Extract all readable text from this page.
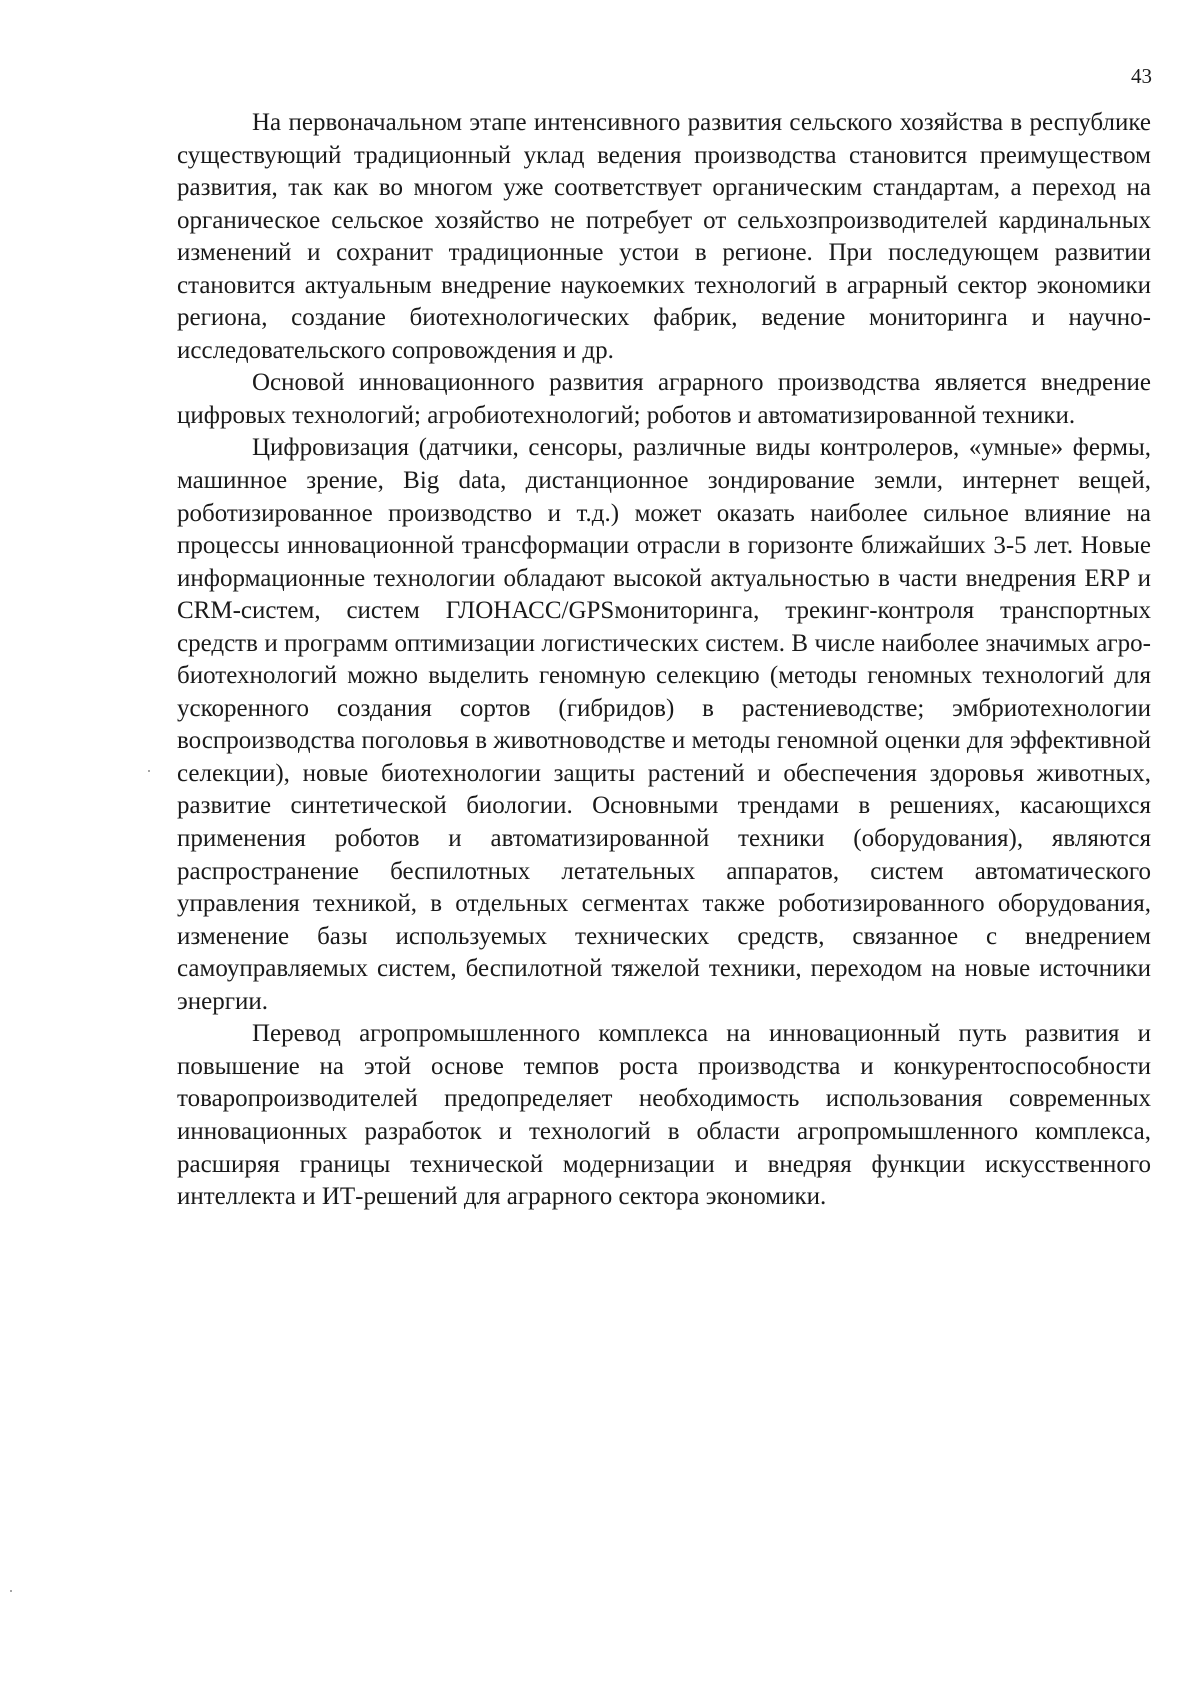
43

На первоначальном этапе интенсивного развития сельского хозяйства в республике существующий традиционный уклад ведения производства становится преимуществом развития, так как во многом уже соответствует органическим стандартам, а переход на органическое сельское хозяйство не потребует от сельхозпроизводителей кардинальных изменений и сохранит традиционные устои в регионе. При последующем развитии становится актуальным внедрение наукоемких технологий в аграрный сектор экономики региона, создание биотехнологических фабрик, ведение мониторинга и научно-исследовательского сопровождения и др.

Основой инновационного развития аграрного производства является внедрение цифровых технологий; агробиотехнологий; роботов и автоматизированной техники.

Цифровизация (датчики, сенсоры, различные виды контролеров, «умные» фермы, машинное зрение, Big data, дистанционное зондирование земли, интернет вещей, роботизированное производство и т.д.) может оказать наиболее сильное влияние на процессы инновационной трансформации отрасли в горизонте ближайших 3-5 лет. Новые информационные технологии обладают высокой актуальностью в части внедрения ERP и CRM-систем, систем ГЛОНАСС/GPSмониторинга, трекинг-контроля транспортных средств и программ оптимизации логистических систем. В числе наиболее значимых агробиотехнологий можно выделить геномную селекцию (методы геномных технологий для ускоренного создания сортов (гибридов) в растениеводстве; эмбриотехнологии воспроизводства поголовья в животноводстве и методы геномной оценки для эффективной селекции), новые биотехнологии защиты растений и обеспечения здоровья животных, развитие синтетической биологии. Основными трендами в решениях, касающихся применения роботов и автоматизированной техники (оборудования), являются распространение беспилотных летательных аппаратов, систем автоматического управления техникой, в отдельных сегментах также роботизированного оборудования, изменение базы используемых технических средств, связанное с внедрением самоуправляемых систем, беспилотной тяжелой техники, переходом на новые источники энергии.

Перевод агропромышленного комплекса на инновационный путь развития и повышение на этой основе темпов роста производства и конкурентоспособности товаропроизводителей предопределяет необходимость использования современных инновационных разработок и технологий в области агропромышленного комплекса, расширяя границы технической модернизации и внедряя функции искусственного интеллекта и ИТ-решений для аграрного сектора экономики.
